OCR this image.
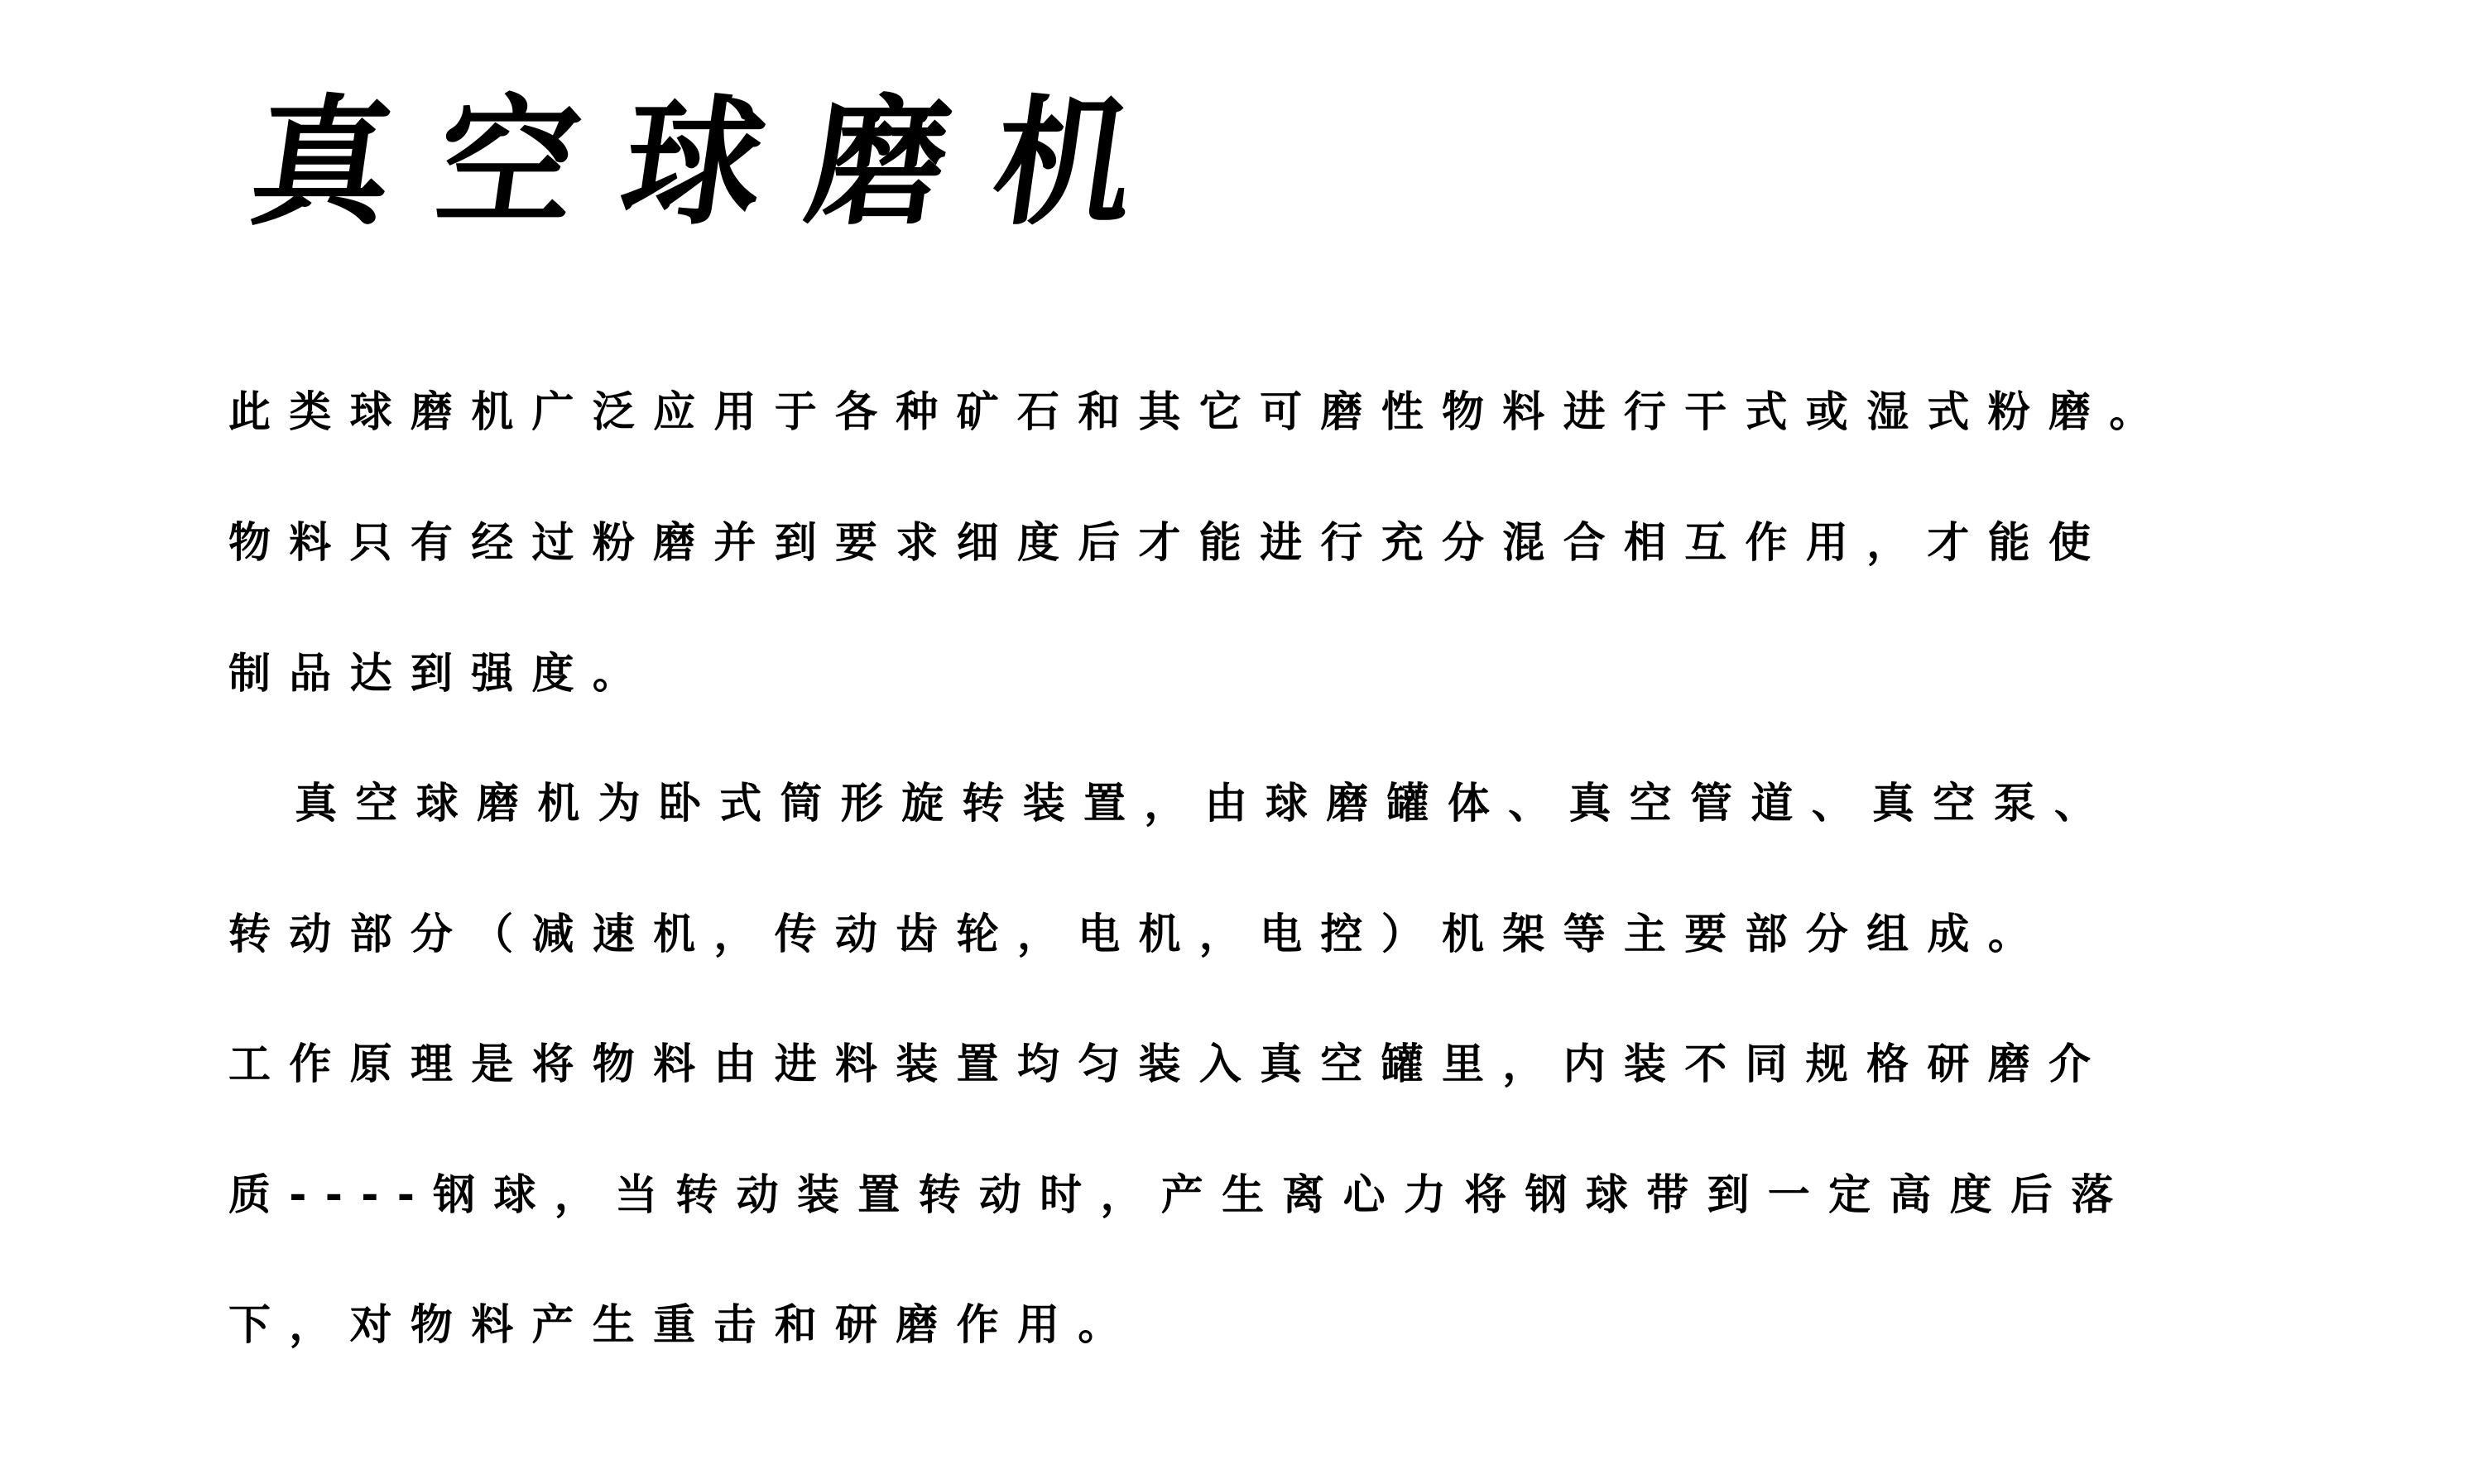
真空球磨机

此类球磨机广泛应用于各种矿石和其它可磨性物料进行干式或湿式粉磨。

物料只有经过粉磨并到要求细度后才能进行充分混合相互作用，才能使

制品达到强度。

真空球磨机为卧式筒形旋转装置，由球磨罐体、真空管道、真空泵、

转动部分（减速机，传动齿轮，电机，电控）机架等主要部分组成。

工作原理是将物料由进料装置均匀装入真空罐里，内装不同规格研磨介

质----钢球，当转动装置转动时，产生离心力将钢球带到一定高度后落

下，对物料产生重击和研磨作用。
